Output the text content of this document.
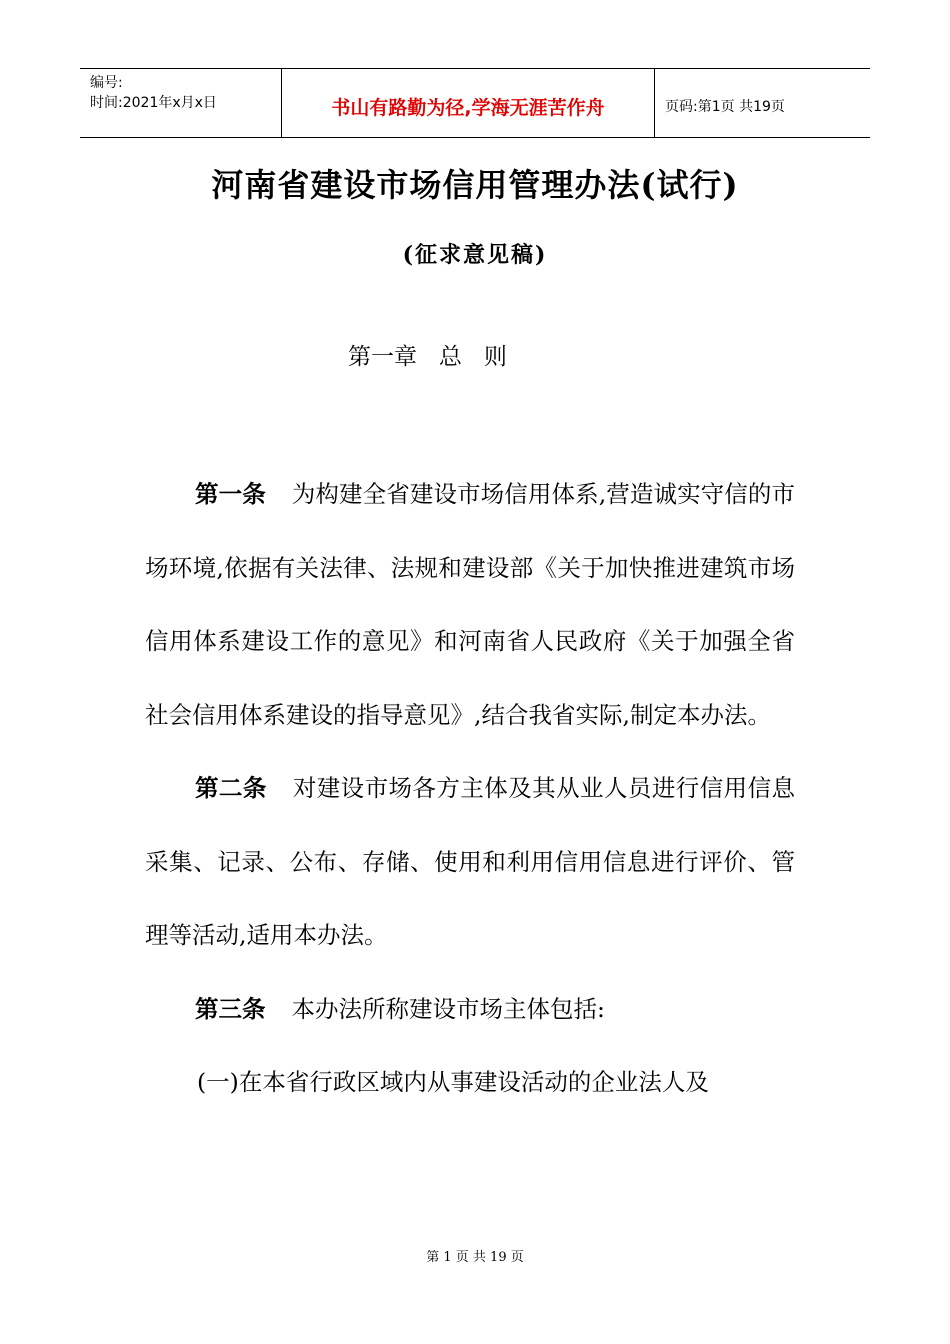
编号:
时间:2021年x月x日	书山有路勤为径,学海无涯苦作舟	页码:第1页 共19页
河南省建设市场信用管理办法(试行)
(征求意见稿)
第一章   总   则

第一条 为构建全省建设市场信用体系,营造诚实守信的市场环境,依据有关法律、法规和建设部《关于加快推进建筑市场信用体系建设工作的意见》和河南省人民政府《关于加强全省社会信用体系建设的指导意见》,结合我省实际,制定本办法。

第二条 对建设市场各方主体及其从业人员进行信用信息采集、记录、公布、存储、使用和利用信用信息进行评价、管理等活动,适用本办法。

第三条 本办法所称建设市场主体包括:

(一)在本省行政区域内从事建设活动的企业法人及

第 1 页 共 19 页
